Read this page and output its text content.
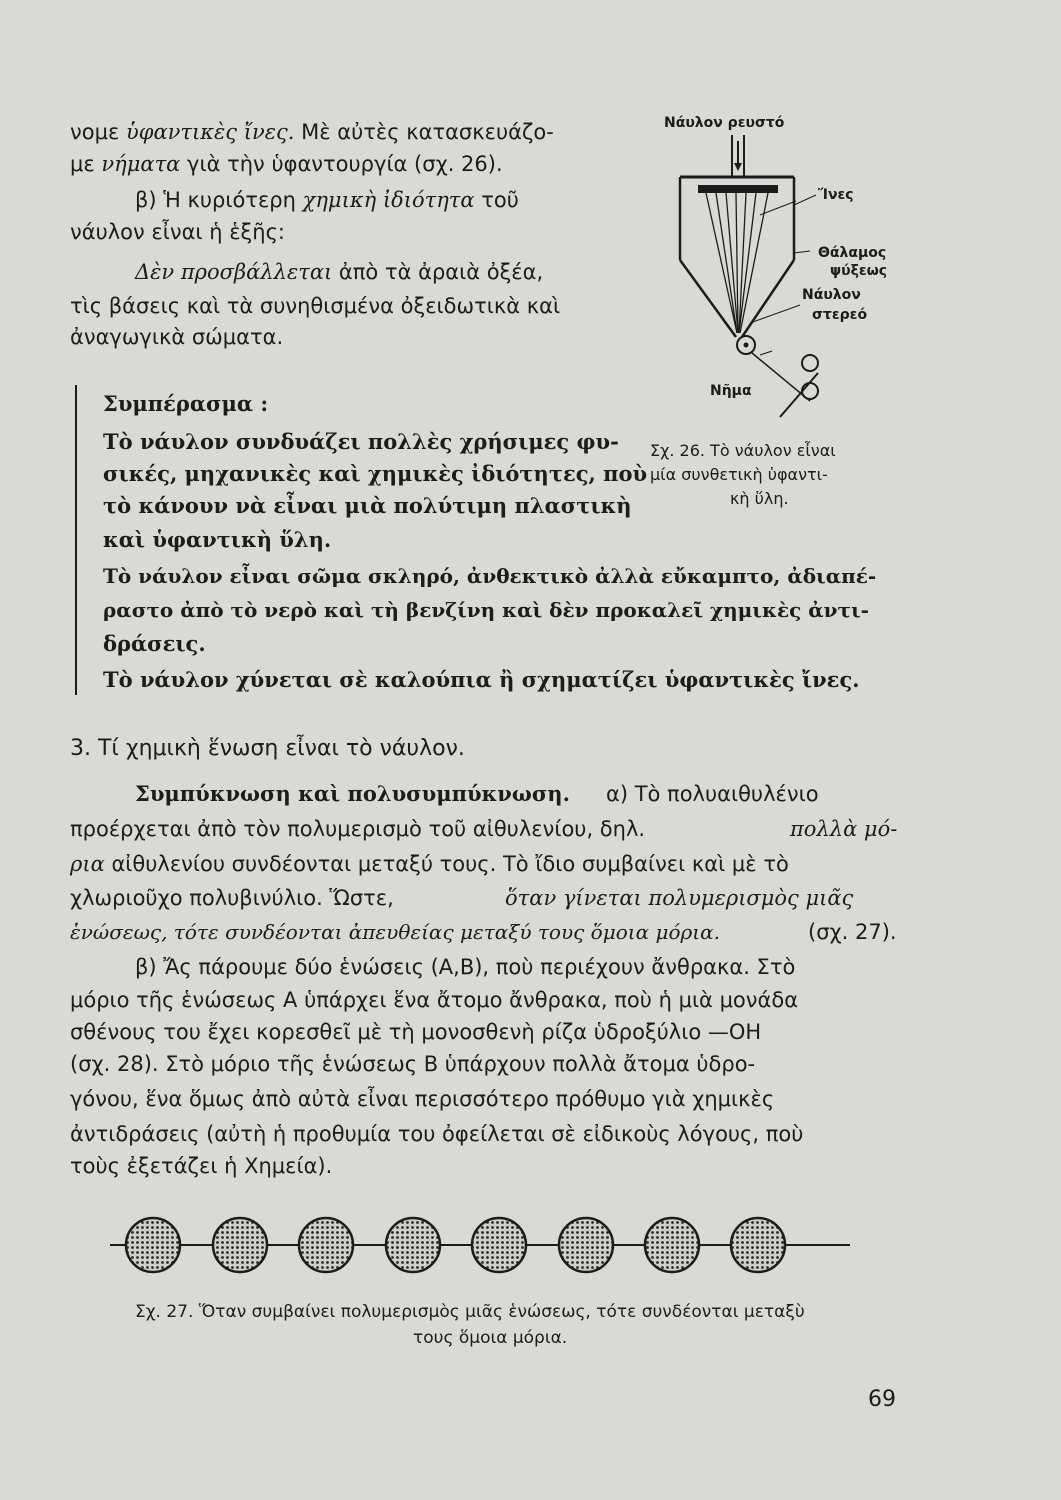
νομε ὑφαντικὲς ἴνες. Μὲ αὐτὲς κατασκευάζο-
με νήματα γιὰ τὴν ὑφαντουργία (σχ. 26).
β) Ἡ κυριότερη χημικὴ ἰδιότητα τοῦ
νάυλον εἶναι ἡ ἑξῆς:
Δὲν προσβάλλεται ἀπὸ τὰ ἀραιὰ ὀξέα,
τὶς βάσεις καὶ τὰ συνηθισμένα ὀξειδωτικὰ καὶ
ἀναγωγικὰ σώματα.
Νάυλον ρευστό
Ἴνες
Θάλαμος
ψύξεως
Νάυλον
στερεό
Νῆμα
Σχ. 26. Τὸ νάυλον εἶναι
μία συνθετικὴ ὑφαντι-
κὴ ὕλη.
Συμπέρασμα :
Τὸ νάυλον συνδυάζει πολλὲς χρήσιμες φυ-
σικές, μηχανικὲς καὶ χημικὲς ἰδιότητες, ποὺ
τὸ κάνουν νὰ εἶναι μιὰ πολύτιμη πλαστικὴ
καὶ ὑφαντικὴ ὕλη.
Τὸ νάυλον εἶναι σῶμα σκληρό, ἀνθεκτικὸ ἀλλὰ εὔκαμπτο, ἀδιαπέ-
ραστο ἀπὸ τὸ νερὸ καὶ τὴ βενζίνη καὶ δὲν προκαλεῖ χημικὲς ἀντι-
δράσεις.
Τὸ νάυλον χύνεται σὲ καλούπια ἢ σχηματίζει ὑφαντικὲς ἴνες.
3. Τί χημικὴ ἕνωση εἶναι τὸ νάυλον.
Συμπύκνωση καὶ πολυσυμπύκνωση. α) Τὸ πολυαιθυλένιο
προέρχεται ἀπὸ τὸν πολυμερισμὸ τοῦ αἰθυλενίου, δηλ.	πολλὰ μό-
ρια αἰθυλενίου συνδέονται μεταξύ τους. Τὸ ἴδιο συμβαίνει καὶ μὲ τὸ
χλωριοῦχο πολυβινύλιο. Ὥστε,	ὅταν γίνεται πολυμερισμὸς μιᾶς
ἑνώσεως, τότε συνδέονται ἀπευθείας μεταξύ τους ὅμοια μόρια.	(σχ. 27).
β) Ἄς πάρουμε δύο ἑνώσεις (Α,Β), ποὺ περιέχουν ἄνθρακα. Στὸ
μόριο τῆς ἑνώσεως Α ὑπάρχει ἕνα ἄτομο ἄνθρακα, ποὺ ἡ μιὰ μονάδα
σθένους του ἔχει κορεσθεῖ μὲ τὴ μονοσθενὴ ρίζα ὑδροξύλιο —OH
(σχ. 28). Στὸ μόριο τῆς ἑνώσεως Β ὑπάρχουν πολλὰ ἄτομα ὑδρο-
γόνου, ἕνα ὅμως ἀπὸ αὐτὰ εἶναι περισσότερο πρόθυμο γιὰ χημικὲς
ἀντιδράσεις (αὐτὴ ἡ προθυμία του ὀφείλεται σὲ εἰδικοὺς λόγους, ποὺ
τοὺς ἐξετάζει ἡ Χημεία).
Σχ. 27. Ὅταν συμβαίνει πολυμερισμὸς μιᾶς ἑνώσεως, τότε συνδέονται μεταξὺ
τους ὅμοια μόρια.
69
